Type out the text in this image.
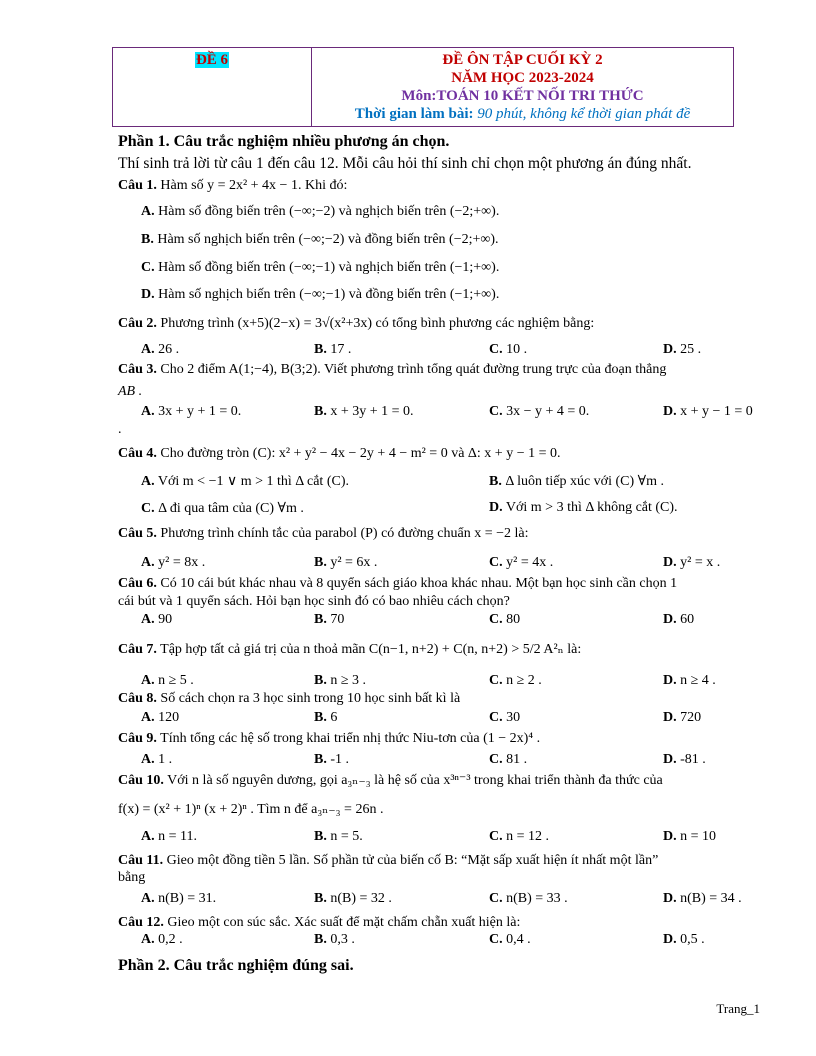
ĐỀ 6	ĐỀ ÔN TẬP CUỐI KỲ 2
NĂM HỌC 2023-2024
Môn:TOÁN 10 KẾT NỐI TRI THỨC
Thời gian làm bài: 90 phút, không kể thời gian phát đề
Phần 1. Câu trắc nghiệm nhiều phương án chọn.
Thí sinh trả lời từ câu 1 đến câu 12. Mỗi câu hỏi thí sinh chỉ chọn một phương án đúng nhất.
Câu 1. Hàm số y = 2x² + 4x − 1. Khi đó:
A. Hàm số đồng biến trên (−∞;−2) và nghịch biến trên (−2;+∞).
B. Hàm số nghịch biến trên (−∞;−2) và đồng biến trên (−2;+∞).
C. Hàm số đồng biến trên (−∞;−1) và nghịch biến trên (−1;+∞).
D. Hàm số nghịch biến trên (−∞;−1) và đồng biến trên (−1;+∞).
Câu 2. Phương trình (x+5)(2−x) = 3√(x²+3x) có tổng bình phương các nghiệm bằng:
A. 26 .	B. 17 .	C. 10 .	D. 25 .
Câu 3. Cho 2 điểm A(1;−4), B(3;2). Viết phương trình tổng quát đường trung trực của đoạn thẳng
AB .
A. 3x + y + 1 = 0.	B. x + 3y + 1 = 0.	C. 3x − y + 4 = 0.	D. x + y − 1 = 0
.
Câu 4. Cho đường tròn (C): x² + y² − 4x − 2y + 4 − m² = 0 và Δ: x + y − 1 = 0.
A. Với m < −1 ∨ m > 1 thì Δ cắt (C).	B. Δ luôn tiếp xúc với (C) ∀m .
C. Δ đi qua tâm của (C) ∀m .	D. Với m > 3 thì Δ không cắt (C).
Câu 5. Phương trình chính tắc của parabol (P) có đường chuẩn x = −2 là:
A. y² = 8x .	B. y² = 6x .	C. y² = 4x .	D. y² = x .
Câu 6. Có 10 cái bút khác nhau và 8 quyển sách giáo khoa khác nhau. Một bạn học sinh cần chọn 1
cái bút và 1 quyển sách. Hỏi bạn học sinh đó có bao nhiêu cách chọn?
A. 90	B. 70	C. 80	D. 60
Câu 7. Tập hợp tất cả giá trị của n thoả mãn C(n−1, n+2) + C(n, n+2) > 5/2 A²ₙ là:
A. n ≥ 5 .	B. n ≥ 3 .	C. n ≥ 2 .	D. n ≥ 4 .
Câu 8. Số cách chọn ra 3 học sinh trong 10 học sinh bất kì là
A. 120	B. 6	C. 30	D. 720
Câu 9. Tính tổng các hệ số trong khai triển nhị thức Niu-tơn của (1 − 2x)⁴ .
A. 1 .	B. -1 .	C. 81 .	D. -81 .
Câu 10. Với n là số nguyên dương, gọi a₃ₙ₋₃ là hệ số của x³ⁿ⁻³ trong khai triển thành đa thức của
f(x) = (x² + 1)ⁿ (x + 2)ⁿ . Tìm n để a₃ₙ₋₃ = 26n .
A. n = 11.	B. n = 5.	C. n = 12 .	D. n = 10
Câu 11. Gieo một đồng tiền 5 lần. Số phần tử của biến cố B: “Mặt sấp xuất hiện ít nhất một lần”
bằng
A. n(B) = 31.	B. n(B) = 32 .	C. n(B) = 33 .	D. n(B) = 34 .
Câu 12. Gieo một con súc sắc. Xác suất để mặt chấm chẵn xuất hiện là:
A. 0,2 .	B. 0,3 .	C. 0,4 .	D. 0,5 .
Phần 2. Câu trắc nghiệm đúng sai.
Trang_1
